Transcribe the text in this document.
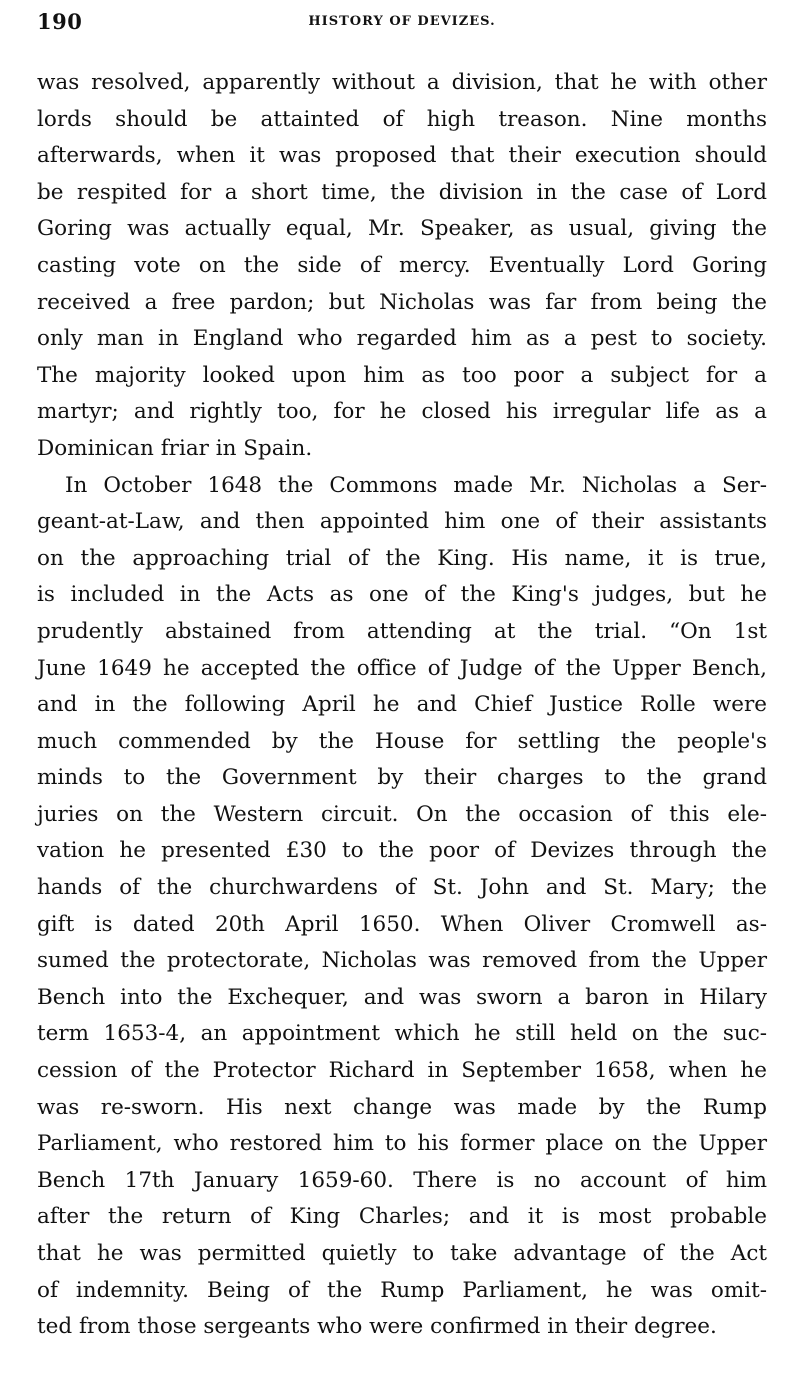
190	HISTORY OF DEVIZES.
was resolved, apparently without a division, that he with other
lords should be attainted of high treason. Nine months
afterwards, when it was proposed that their execution should
be respited for a short time, the division in the case of Lord
Goring was actually equal, Mr. Speaker, as usual, giving the
casting vote on the side of mercy. Eventually Lord Goring
received a free pardon; but Nicholas was far from being the
only man in England who regarded him as a pest to society.
The majority looked upon him as too poor a subject for a
martyr; and rightly too, for he closed his irregular life as a
Dominican friar in Spain.
In October 1648 the Commons made Mr. Nicholas a Ser-
geant-at-Law, and then appointed him one of their assistants
on the approaching trial of the King. His name, it is true,
is included in the Acts as one of the King's judges, but he
prudently abstained from attending at the trial. “On 1st
June 1649 he accepted the office of Judge of the Upper Bench,
and in the following April he and Chief Justice Rolle were
much commended by the House for settling the people's
minds to the Government by their charges to the grand
juries on the Western circuit. On the occasion of this ele-
vation he presented £30 to the poor of Devizes through the
hands of the churchwardens of St. John and St. Mary; the
gift is dated 20th April 1650. When Oliver Cromwell as-
sumed the protectorate, Nicholas was removed from the Upper
Bench into the Exchequer, and was sworn a baron in Hilary
term 1653-4, an appointment which he still held on the suc-
cession of the Protector Richard in September 1658, when he
was re-sworn. His next change was made by the Rump
Parliament, who restored him to his former place on the Upper
Bench 17th January 1659-60. There is no account of him
after the return of King Charles; and it is most probable
that he was permitted quietly to take advantage of the Act
of indemnity. Being of the Rump Parliament, he was omit-
ted from those sergeants who were confirmed in their degree.
